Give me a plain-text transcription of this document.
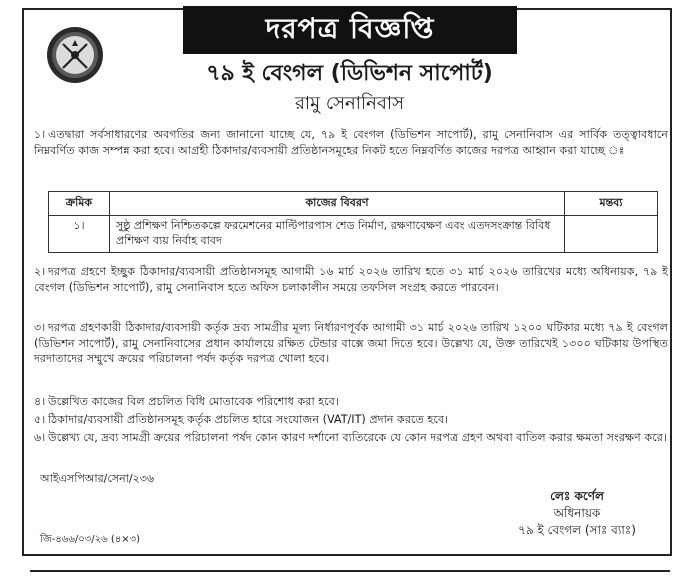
দরপত্র বিজ্ঞপ্তি
৭৯ ই বেংগল (ডিভিশন সাপোর্ট)
রামু সেনানিবাস
১। এতদ্বারা সর্বসাধারণের অবগতির জন্য জানানো যাচ্ছে যে, ৭৯ ই বেংগল (ডিভিশন সাপোর্ট), রামু সেনানিবাস এর সার্বিক তত্ত্বাবধানে নিম্নবর্ণিত কাজ সম্পন্ন করা হবে। আগ্রহী ঠিকাদার/ব্যবসায়ী প্রতিষ্ঠানসমূহের নিকট হতে নিম্নবর্ণিত কাজের দরপত্র আহ্বান করা যাচ্ছে ঃ
ক্রমিক	কাজের বিবরণ	মন্তব্য
১।	সুষ্ঠু প্রশিক্ষণ নিশ্চিতকল্পে ফরমেশনের মাল্টিপারপাস শেড নির্মাণ, রক্ষণাবেক্ষণ এবং এতদসংক্রান্ত বিবিধ প্রশিক্ষণ ব্যয় নির্বাহ বাবদ	
২। দরপত্র গ্রহণে ইচ্ছুক ঠিকাদার/ব্যবসায়ী প্রতিষ্ঠানসমূহ আগামী ১৬ মার্চ ২০২৬ তারিখ হতে ৩১ মার্চ ২০২৬ তারিখের মধ্যে অধিনায়ক, ৭৯ ই বেংগল (ডিভিশন সাপোর্ট), রামু সেনানিবাস হতে অফিস চলাকালীন সময়ে তফসিল সংগ্রহ করতে পারবেন।
৩। দরপত্র গ্রহণকারী ঠিকাদার/ব্যবসায়ী কর্তৃক দ্রব্য সামগ্রীর মূল্য নির্ধারণপূর্বক আগামী ৩১ মার্চ ২০২৬ তারিখ ১২০০ ঘটিকার মধ্যে ৭৯ ই বেংগল (ডিভিশন সাপোর্ট), রামু সেনানিবাসের প্রধান কার্যালয়ে রক্ষিত টেন্ডার বাক্সে জমা দিতে হবে। উল্লেখ্য যে, উক্ত তারিখেই ১৩০০ ঘটিকায় উপস্থিত দরদাতাদের সম্মুখে ক্রয়ের পরিচালনা পর্ষদ কর্তৃক দরপত্র খোলা হবে।
৪। উল্লেখিত কাজের বিল প্রচলিত বিধি মোতাবেক পরিশোধ করা হবে।
৫। ঠিকাদার/ব্যবসায়ী প্রতিষ্ঠানসমূহ কর্তৃক প্রচলিত হারে সংযোজন (VAT/IT) প্রদান করতে হবে।
৬। উল্লেখ্য যে, দ্রব্য সামগ্রী ক্রয়ের পরিচালনা পর্ষদ কোন কারণ দর্শানো ব্যতিরেকে যে কোন দরপত্র গ্রহণ অথবা বাতিল করার ক্ষমতা সংরক্ষণ করে।
আইএসপিআর/সেনা/২৩৬
লেঃ কর্ণেল
অধিনায়ক
৭৯ ই বেংগল (সাঃ ব্যাঃ)
জি-৪৬৬/০৩/২৬ (৪×৩)
